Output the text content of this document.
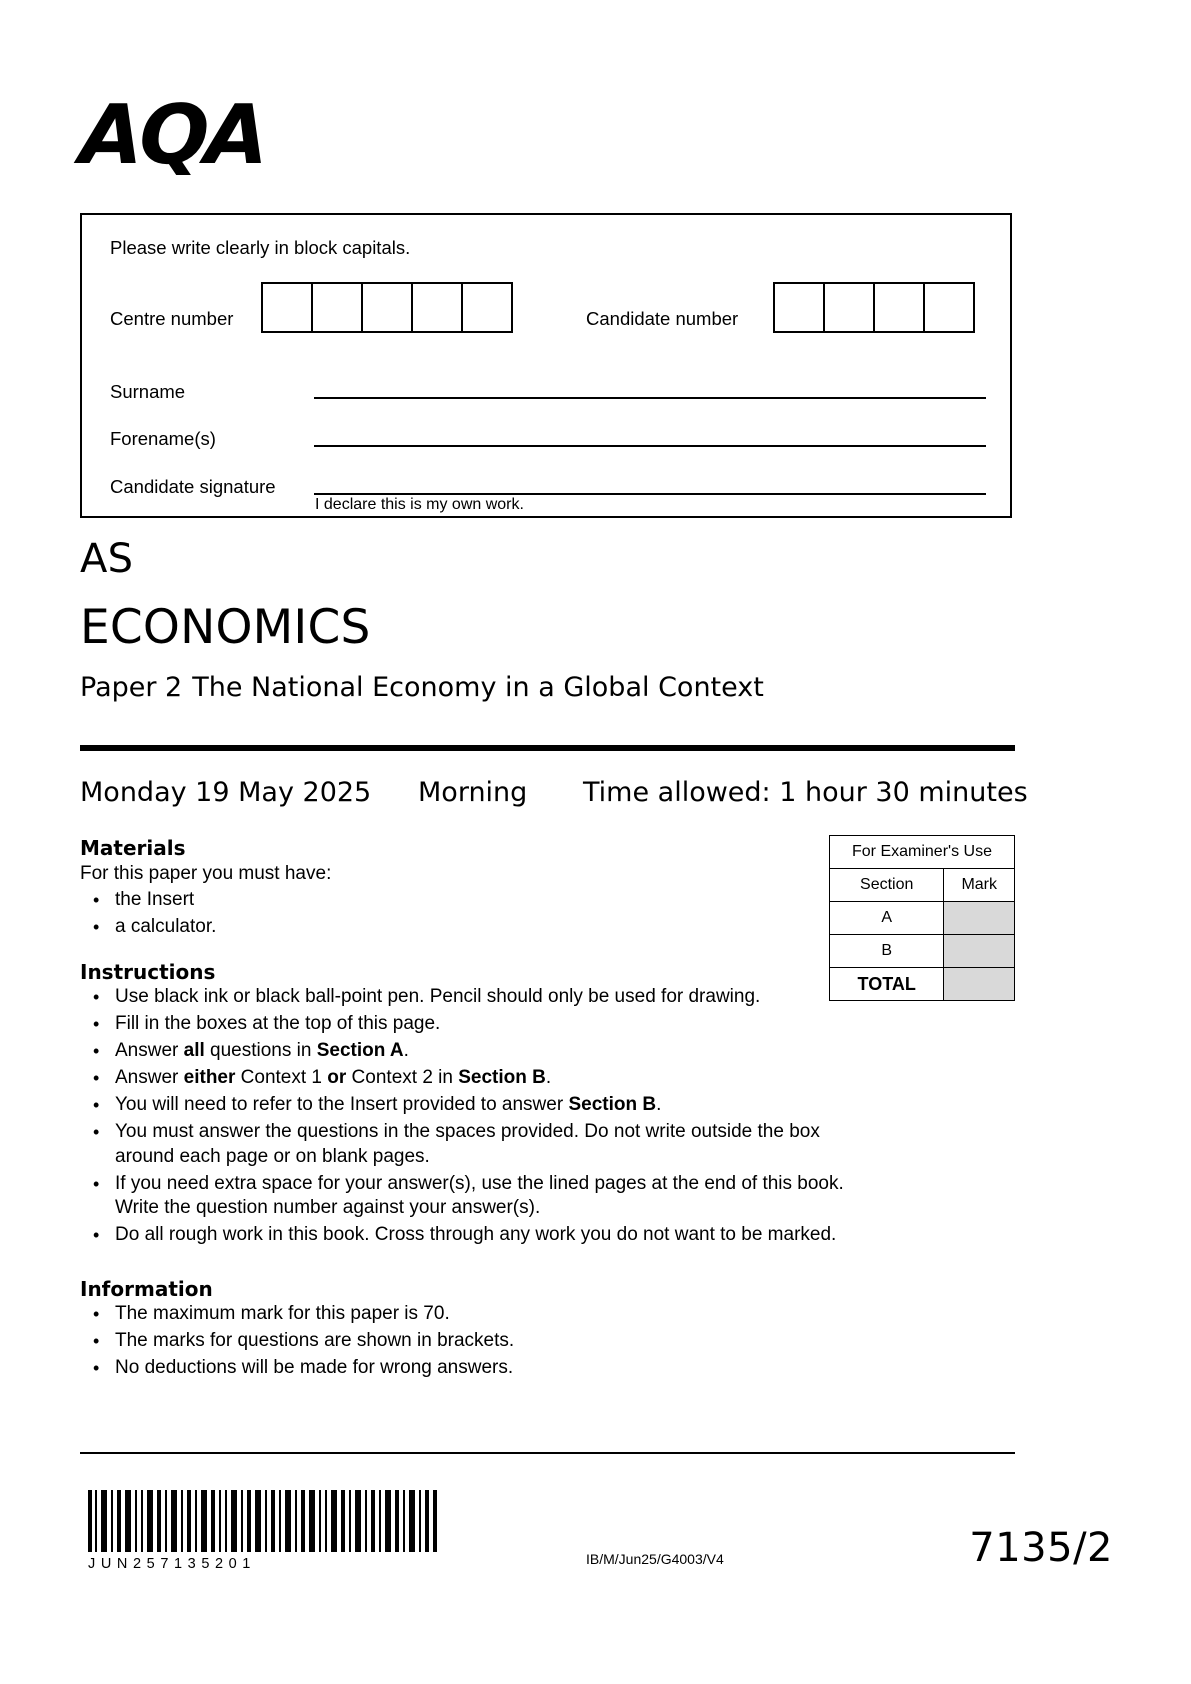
AQA
Please write clearly in block capitals.
Centre number	Candidate number
Surname
Forename(s)
Candidate signature
I declare this is my own work.
AS
ECONOMICS
Paper 2 The National Economy in a Global Context
Monday 19 May 2025 Morning Time allowed: 1 hour 30 minutes
Materials
For this paper you must have:
• the Insert
• a calculator.
Instructions
• Use black ink or black ball-point pen. Pencil should only be used for drawing.
• Fill in the boxes at the top of this page.
• Answer all questions in Section A.
• Answer either Context 1 or Context 2 in Section B.
• You will need to refer to the Insert provided to answer Section B.
• You must answer the questions in the spaces provided. Do not write outside the box around each page or on blank pages.
• If you need extra space for your answer(s), use the lined pages at the end of this book. Write the question number against your answer(s).
• Do all rough work in this book. Cross through any work you do not want to be marked.
Information
• The maximum mark for this paper is 70.
• The marks for questions are shown in brackets.
• No deductions will be made for wrong answers.
For Examiner's Use	
Section	Mark
A	
B	
TOTAL	
JUN257135201	IB/M/Jun25/G4003/V4	7135/2
